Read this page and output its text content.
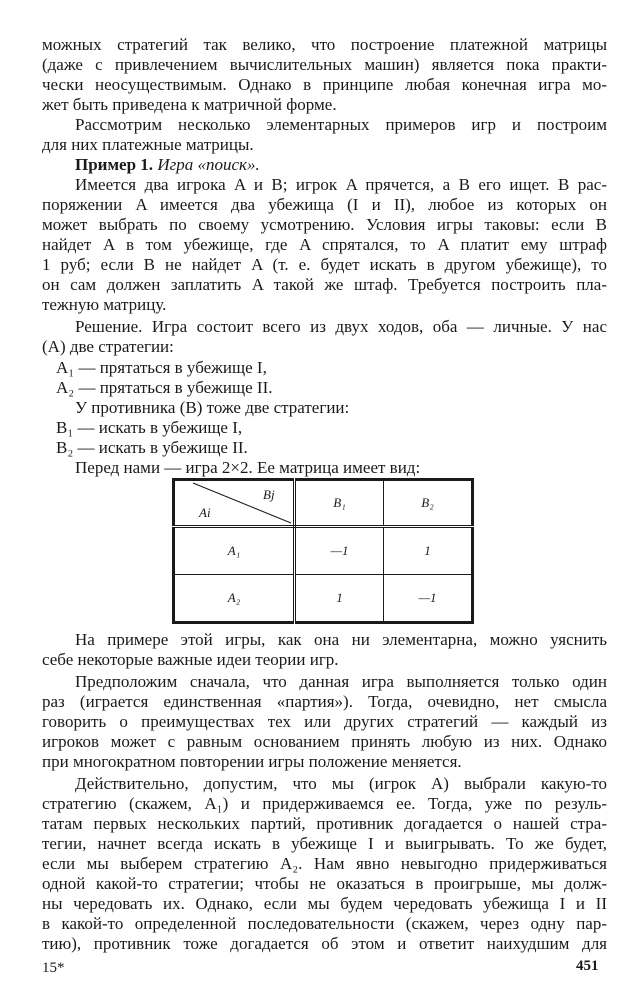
можных стратегий так велико, что построение платежной матрицы
(даже с привлечением вычислительных машин) является пока практи-
чески неосуществимым. Однако в принципе любая конечная игра мо-
жет быть приведена к матричной форме.
Рассмотрим несколько элементарных примеров игр и построим
для них платежные матрицы.
Пример 1. Игра «поиск».
Имеется два игрока A и B; игрок A прячется, а B его ищет. В рас-
поряжении A имеется два убежища (I и II), любое из которых он
может выбрать по своему усмотрению. Условия игры таковы: если B
найдет A в том убежище, где A спрятался, то A платит ему штраф
1 руб; если B не найдет A (т. е. будет искать в другом убежище), то
он сам должен заплатить A такой же штаф. Требуется построить пла-
тежную матрицу.
Решение. Игра состоит всего из двух ходов, оба — личные. У нас
(A) две стратегии:
A₁ — прятаться в убежище I,
A₂ — прятаться в убежище II.
У противника (B) тоже две стратегии:
B₁ — искать в убежище I,
B₂ — искать в убежище II.
Перед нами — игра 2×2. Ее матрица имеет вид:
Bj
Ai	B₁	B₂
A₁	—1	1
A₂	1	—1
На примере этой игры, как она ни элементарна, можно уяснить
себе некоторые важные идеи теории игр.
Предположим сначала, что данная игра выполняется только один
раз (играется единственная «партия»). Тогда, очевидно, нет смысла
говорить о преимуществах тех или других стратегий — каждый из
игроков может с равным основанием принять любую из них. Однако
при многократном повторении игры положение меняется.
Действительно, допустим, что мы (игрок A) выбрали какую-то
стратегию (скажем, A₁) и придерживаемся ее. Тогда, уже по резуль-
татам первых нескольких партий, противник догадается о нашей стра-
тегии, начнет всегда искать в убежище I и выигрывать. То же будет,
если мы выберем стратегию A₂. Нам явно невыгодно придерживаться
одной какой-то стратегии; чтобы не оказаться в проигрыше, мы долж-
ны чередовать их. Однако, если мы будем чередовать убежища I и II
в какой-то определенной последовательности (скажем, через одну пар-
тию), противник тоже догадается об этом и ответит наихудшим для
15*	451
